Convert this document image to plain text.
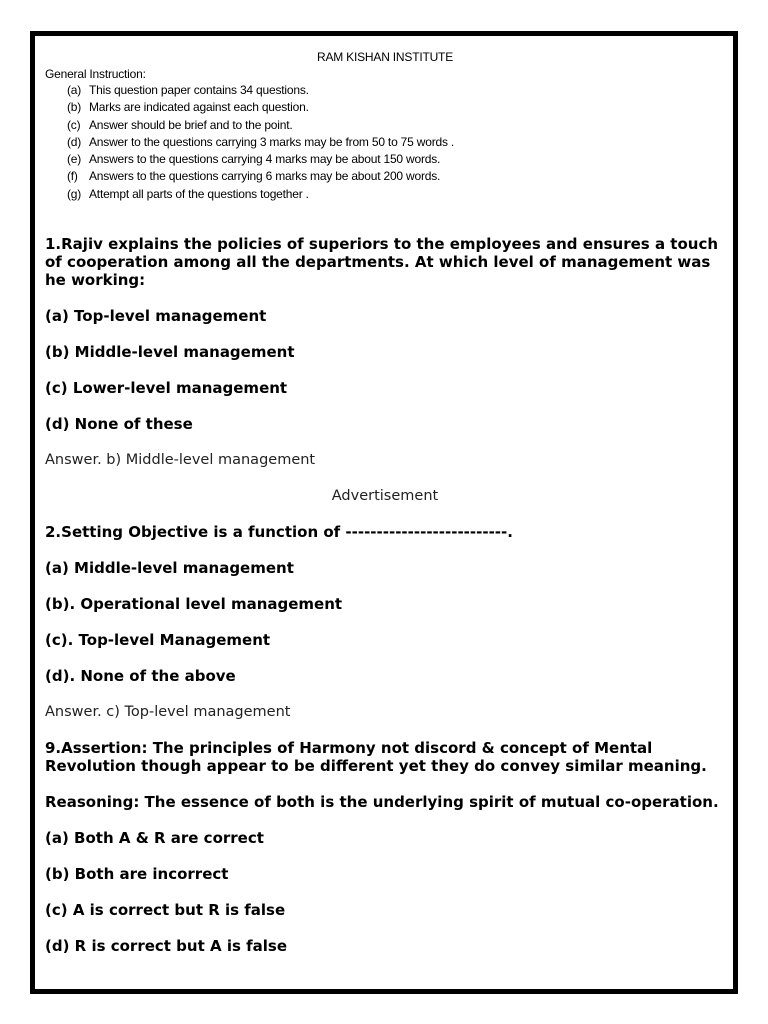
RAM KISHAN INSTITUTE
General Instruction:
(a) This question paper contains 34 questions.
(b) Marks are indicated against each question.
(c) Answer should be brief and to the point.
(d) Answer to the questions carrying 3 marks may be from 50 to 75 words .
(e) Answers to the questions carrying 4 marks may be about 150 words.
(f) Answers to the questions carrying 6 marks may be about 200 words.
(g) Attempt all parts of the questions together .

1.Rajiv explains the policies of superiors to the employees and ensures a touch of cooperation among all the departments. At which level of management was he working:

(a) Top-level management

(b) Middle-level management

(c) Lower-level management

(d) None of these

Answer. b) Middle-level management

Advertisement

2.Setting Objective is a function of --------------------------.

(a) Middle-level management

(b). Operational level management

(c). Top-level Management

(d). None of the above

Answer. c) Top-level management

9.Assertion: The principles of Harmony not discord & concept of Mental Revolution though appear to be different yet they do convey similar meaning.

Reasoning: The essence of both is the underlying spirit of mutual co-operation.

(a) Both A & R are correct

(b) Both are incorrect

(c) A is correct but R is false

(d) R is correct but A is false
